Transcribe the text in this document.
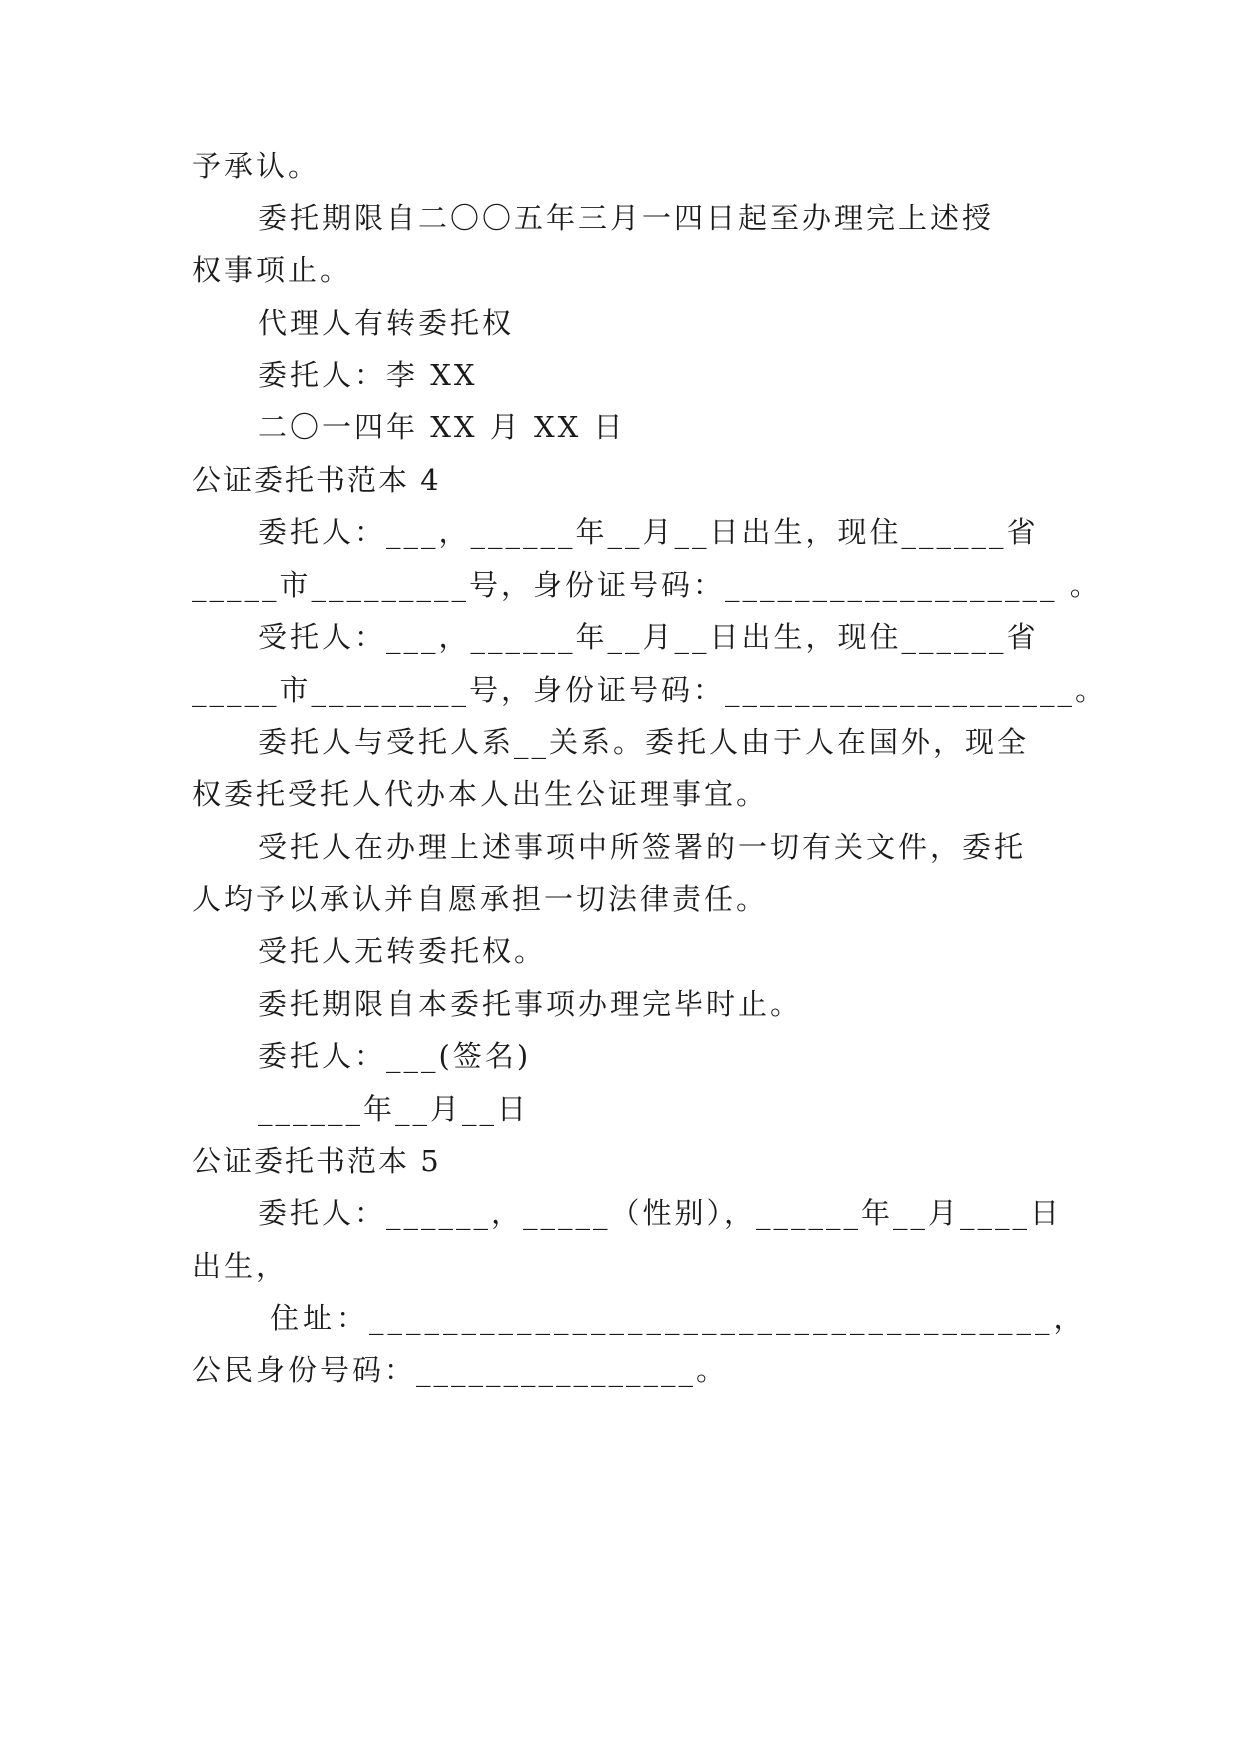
予承认。

委托期限自二〇〇五年三月一四日起至办理完上述授

权事项止。

代理人有转委托权

委托人：李 XX

二〇一四年 XX 月 XX 日

公证委托书范本 4

委托人：___，______年__月__日出生，现住______省

_____市_________号，身份证号码：___________________ 。

受托人：___，______年__月__日出生，现住______省

_____市_________号，身份证号码：____________________。

委托人与受托人系__关系。委托人由于人在国外，现全

权委托受托人代办本人出生公证理事宜。

受托人在办理上述事项中所签署的一切有关文件，委托

人均予以承认并自愿承担一切法律责任。

受托人无转委托权。

委托期限自本委托事项办理完毕时止。

委托人：___(签名)

______年__月__日

公证委托书范本 5

委托人：______，_____（性别），______年__月____日

出生，

住址：_____________________________________，

公民身份号码：________________。
